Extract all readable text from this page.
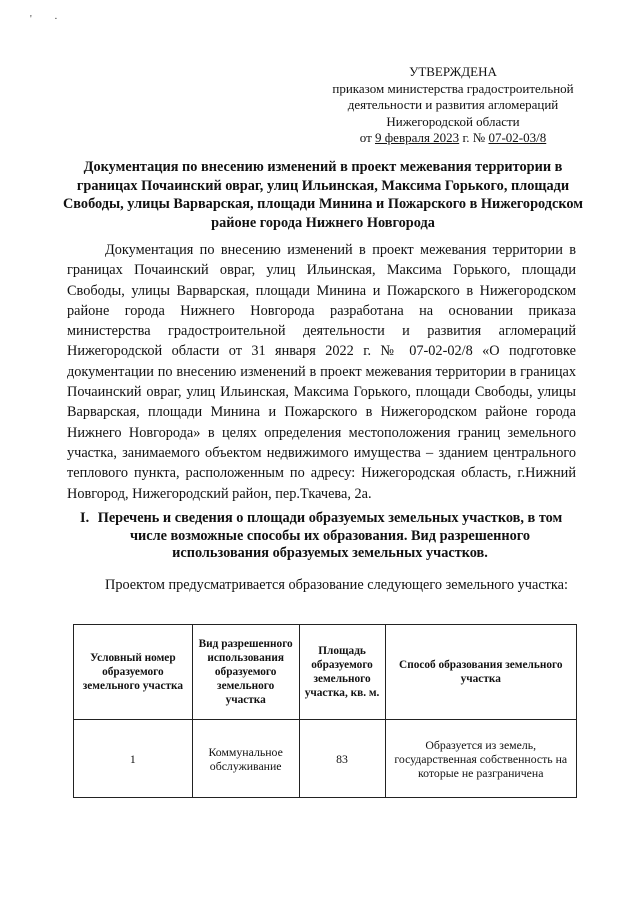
' ·
УТВЕРЖДЕНА
приказом министерства градостроительной
деятельности и развития агломераций
Нижегородской области
от 9 февраля 2023 г. № 07-02-03/8
Документация по внесению изменений в проект межевания территории в границах Почаинский овраг, улиц Ильинская, Максима Горького, площади Свободы, улицы Варварская, площади Минина и Пожарского в Нижегородском районе города Нижнего Новгорода
Документация по внесению изменений в проект межевания территории в границах Почаинский овраг, улиц Ильинская, Максима Горького, площади Свободы, улицы Варварская, площади Минина и Пожарского в Нижегородском районе города Нижнего Новгорода разработана на основании приказа министерства градостроительной деятельности и развития агломераций Нижегородской области от 31 января 2022 г. № 07-02-02/8 «О подготовке документации по внесению изменений в проект межевания территории в границах Почаинский овраг, улиц Ильинская, Максима Горького, площади Свободы, улицы Варварская, площади Минина и Пожарского в Нижегородском районе города Нижнего Новгорода» в целях определения местоположения границ земельного участка, занимаемого объектом недвижимого имущества – зданием центрального теплового пункта, расположенным по адресу: Нижегородская область, г.Нижний Новгород, Нижегородский район, пер.Ткачева, 2а.
I. Перечень и сведения о площади образуемых земельных участков, в том числе возможные способы их образования. Вид разрешенного использования образуемых земельных участков.
Проектом предусматривается образование следующего земельного участка:
Условный номер образуемого земельного участка	Вид разрешенного использования образуемого земельного участка	Площадь образуемого земельного участка, кв. м.	Способ образования земельного участка
1	Коммунальное обслуживание	83	Образуется из земель, государственная собственность на которые не разграничена
